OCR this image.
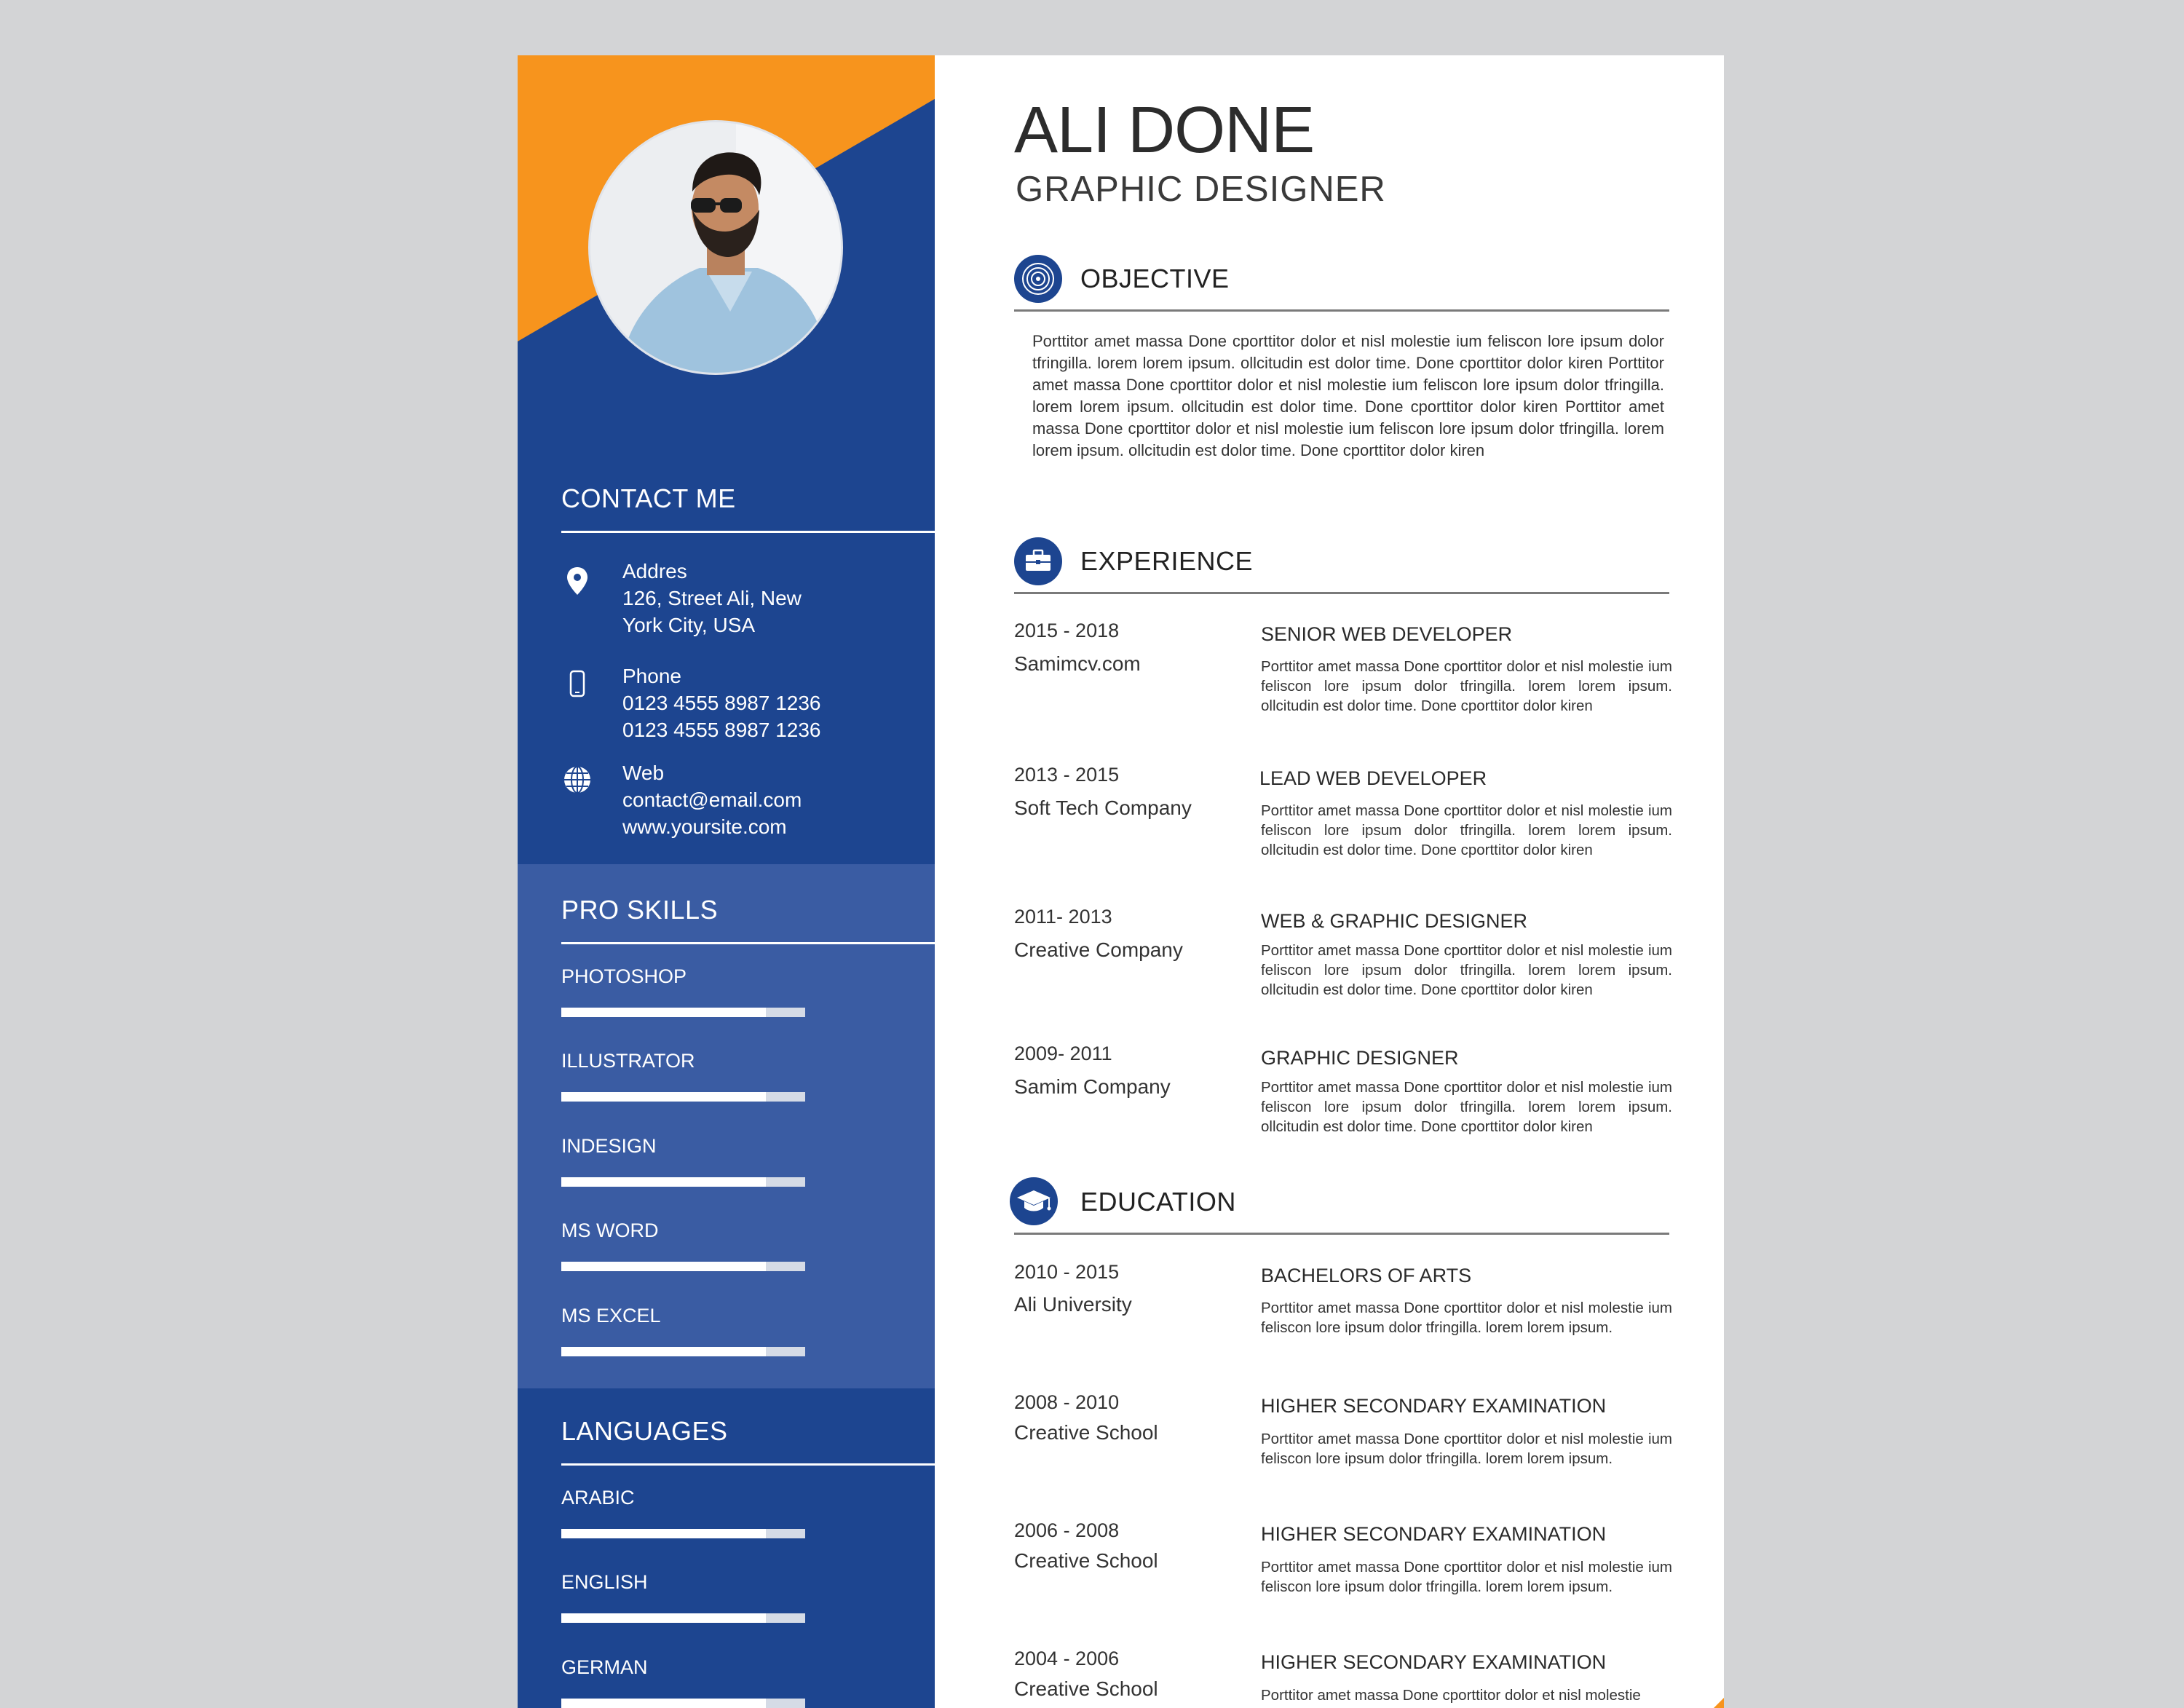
CONTACT ME
Addres
126, Street Ali, New
York City, USA
Phone
0123 4555 8987 1236
0123 4555 8987 1236
Web
contact@email.com
www.yoursite.com
PRO SKILLS
PHOTOSHOP
ILLUSTRATOR
INDESIGN
MS WORD
MS EXCEL
LANGUAGES
ARABIC
ENGLISH
GERMAN
ALI DONE
GRAPHIC DESIGNER
OBJECTIVE
Porttitor amet massa Done cporttitor dolor et nisl molestie ium feliscon lore ipsum dolor tfringilla. lorem lorem ipsum. ollcitudin est dolor time. Done cporttitor dolor kiren Porttitor amet massa Done cporttitor dolor et nisl molestie ium feliscon lore ipsum dolor tfringilla. lorem lorem ipsum. ollcitudin est dolor time. Done cporttitor dolor kiren Porttitor amet massa Done cporttitor dolor et nisl molestie ium feliscon lore ipsum dolor tfringilla. lorem lorem ipsum. ollcitudin est dolor time. Done cporttitor dolor kiren
EXPERIENCE
2015 - 2018
Samimcv.com
SENIOR WEB DEVELOPER
Porttitor amet massa Done cporttitor dolor et nisl molestie ium feliscon lore ipsum dolor tfringilla. lorem lorem ipsum. ollcitudin est dolor time. Done cporttitor dolor kiren
2013 - 2015
Soft Tech Company
LEAD WEB DEVELOPER
Porttitor amet massa Done cporttitor dolor et nisl molestie ium feliscon lore ipsum dolor tfringilla. lorem lorem ipsum. ollcitudin est dolor time. Done cporttitor dolor kiren
2011- 2013
Creative Company
WEB & GRAPHIC DESIGNER
Porttitor amet massa Done cporttitor dolor et nisl molestie ium feliscon lore ipsum dolor tfringilla. lorem lorem ipsum. ollcitudin est dolor time. Done cporttitor dolor kiren
2009- 2011
Samim Company
GRAPHIC DESIGNER
Porttitor amet massa Done cporttitor dolor et nisl molestie ium feliscon lore ipsum dolor tfringilla. lorem lorem ipsum. ollcitudin est dolor time. Done cporttitor dolor kiren
EDUCATION
2010 - 2015
Ali University
BACHELORS OF ARTS
Porttitor amet massa Done cporttitor dolor et nisl molestie ium feliscon lore ipsum dolor tfringilla. lorem lorem ipsum.
2008 - 2010
Creative School
HIGHER SECONDARY EXAMINATION
Porttitor amet massa Done cporttitor dolor et nisl molestie ium feliscon lore ipsum dolor tfringilla. lorem lorem ipsum.
2006 - 2008
Creative School
HIGHER SECONDARY EXAMINATION
Porttitor amet massa Done cporttitor dolor et nisl molestie ium feliscon lore ipsum dolor tfringilla. lorem lorem ipsum.
2004 - 2006
Creative School
HIGHER SECONDARY EXAMINATION
Porttitor amet massa Done cporttitor dolor et nisl molestie
